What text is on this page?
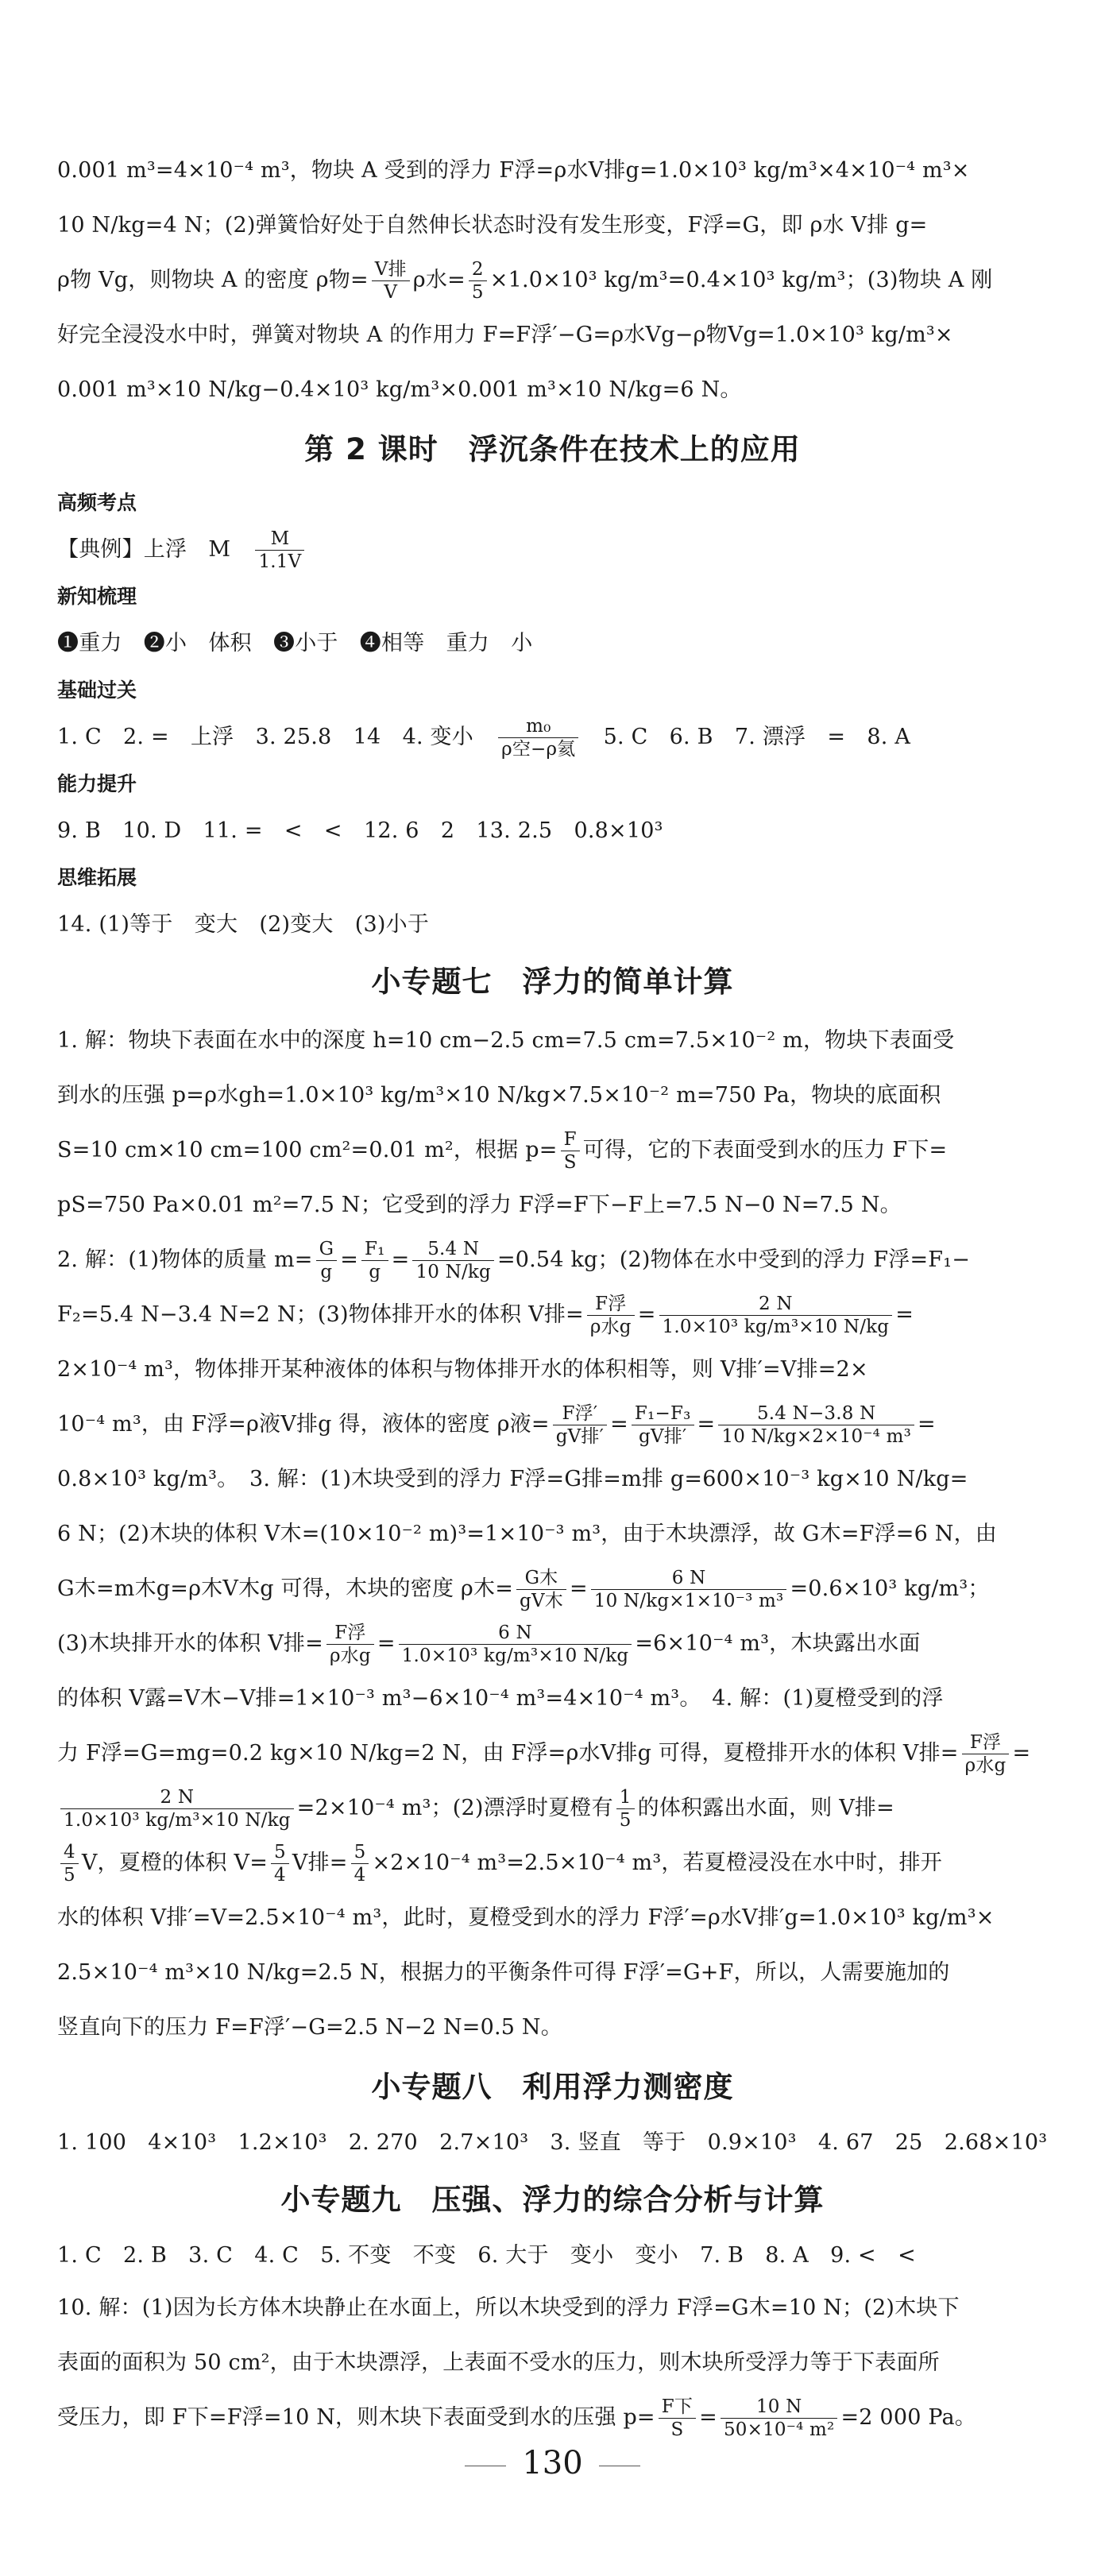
0.001 m³=4×10⁻⁴ m³，物块 A 受到的浮力 F浮=ρ水V排g=1.0×10³ kg/m³×4×10⁻⁴ m³×

10 N/kg=4 N；(2)弹簧恰好处于自然伸长状态时没有发生形变，F浮=G，即 ρ水 V排 g=

ρ物 Vg，则物块 A 的密度 ρ物= $\frac{\text{V排}}{V}$ ρ水= $\frac{2}{5} \times 1.0\times 10^3$ kg/m³=0.4×10³ kg/m³；(3)物块 A 刚

好完全浸没水中时，弹簧对物块 A 的作用力 F=F浮′−G=ρ水Vg−ρ物Vg=1.0×10³ kg/m³×

0.001 m³×10 N/kg−0.4×10³ kg/m³×0.001 m³×10 N/kg=6 N。

第 2 课时　浮沉条件在技术上的应用
高频考点

【典例】上浮　M　 $\frac{M}{1.1V}$

新知梳理

❶重力　❷小　体积　❸小于　❹相等　重力　小

基础过关

1. C　2. =　上浮　3. 25.8　14　4. 变小　 $\frac{\text{m₀}}{\text{ρ空−ρ氦}}$
　 5. C　6. B　7. 漂浮　=　8. A

能力提升

9. B　10. D　11. =　<　<　12. 6　2　13. 2.5　0.8×10³

思维拓展

14. (1)等于　变大　(2)变大　(3)小于

小专题七　浮力的简单计算

1. 解：物块下表面在水中的深度 h=10 cm−2.5 cm=7.5 cm=7.5×10⁻² m，物块下表面受

到水的压强 p=ρ水gh=1.0×10³ kg/m³×10 N/kg×7.5×10⁻² m=750 Pa，物块的底面积

S=10 cm×10 cm=100 cm²=0.01 m²，根据 $p= \frac{F}{S}$ 可得，它的下表面受到水的压力 F下=

pS=750 Pa×0.01 m²=7.5 N；它受到的浮力 F浮=F下−F上=7.5 N−0 N=7.5 N。

2. 解：(1)物体的质量 $m= \frac{G}{g} = \frac{\text{F₁}}{g} = \frac{5.4 N}{10 N/kg} =0.54$ kg；(2)物体在水中受到的浮力 F浮=F₁−

F₂=5.4 N−3.4 N=2 N；(3)物体排开水的体积 V排= $\frac{\text{F浮}}{\text{ρ水g}} = \frac{2 N}{\text{1.0×10³ kg/m³×10 N/kg}}$ =

2×10⁻⁴ m³，物体排开某种液体的体积与物体排开水的体积相等，则 V排′=V排=2×

10⁻⁴ m³，由 F浮=ρ液V排g 得，液体的密度 ρ液= $\frac{\text{F浮′}}{\text{gV排′}} = \frac{\text{F₁−F₃}}{\text{gV排′}} = \frac{5.4 N-3.8 N}{\text{10 N/kg×2×10⁻⁴ m³}}$ =

0.8×10³ kg/m³。　3. 解：(1)木块受到的浮力 F浮=G排=m排 g=600×10⁻³ kg×10 N/kg=

6 N；(2)木块的体积 V木=(10×10⁻² m)³=1×10⁻³ m³，由于木块漂浮，故 G木=F浮=6 N，由

G木=m木g=ρ木V木g 可得，木块的密度 ρ木= $\frac{\text{G木}}{\text{gV木}} = \frac{6 N}{\text{10 N/kg×1×10⁻³ m³}} =0.6\times 10^3$ kg/m³；

(3)木块排开水的体积 V排= $\frac{\text{F浮}}{\text{ρ水g}} = \frac{6 N}{\text{1.0×10³ kg/m³×10 N/kg}} =6\times 10^{-4}$ m³，木块露出水面

的体积 V露=V木−V排=1×10⁻³ m³−6×10⁻⁴ m³=4×10⁻⁴ m³。　4. 解：(1)夏橙受到的浮

力 F浮=G=mg=0.2 kg×10 N/kg=2 N，由 F浮=ρ水V排g 可得，夏橙排开水的体积 V排= $\frac{\text{F浮}}{\text{ρ水g}}$ =

$\frac{2 N}{\text{1.0×10³ kg/m³×10 N/kg}} =2\times 10^{-4}$ m³；(2)漂浮时夏橙有 $\frac{1}{5}$ 的体积露出水面，则 V排=

$\frac{4}{5}$ V，夏橙的体积 $V= \frac{5}{4}$ V排= $\frac{5}{4} \times 2\times 10^{-4}$ m³=2.5×10⁻⁴ m³，若夏橙浸没在水中时，排开

水的体积 V排′=V=2.5×10⁻⁴ m³，此时，夏橙受到水的浮力 F浮′=ρ水V排′g=1.0×10³ kg/m³×

2.5×10⁻⁴ m³×10 N/kg=2.5 N，根据力的平衡条件可得 F浮′=G+F，所以，人需要施加的

竖直向下的压力 F=F浮′−G=2.5 N−2 N=0.5 N。

小专题八　利用浮力测密度

1. 100　4×10³　1.2×10³　2. 270　2.7×10³　3. 竖直　等于　0.9×10³　4. 67　25　2.68×10³

小专题九　压强、浮力的综合分析与计算

1. C　2. B　3. C　4. C　5. 不变　不变　6. 大于　变小　变小　7. B　8. A　9. <　<

10. 解：(1)因为长方体木块静止在水面上，所以木块受到的浮力 F浮=G木=10 N；(2)木块下

表面的面积为 50 cm²，由于木块漂浮，上表面不受水的压力，则木块所受浮力等于下表面所

受压力，即 F下=F浮=10 N，则木块下表面受到水的压强 $p= \frac{\text{F下}}{S} = \frac{10 N}{\text{50×10⁻⁴ m²}} =2$ 000 Pa。

130
